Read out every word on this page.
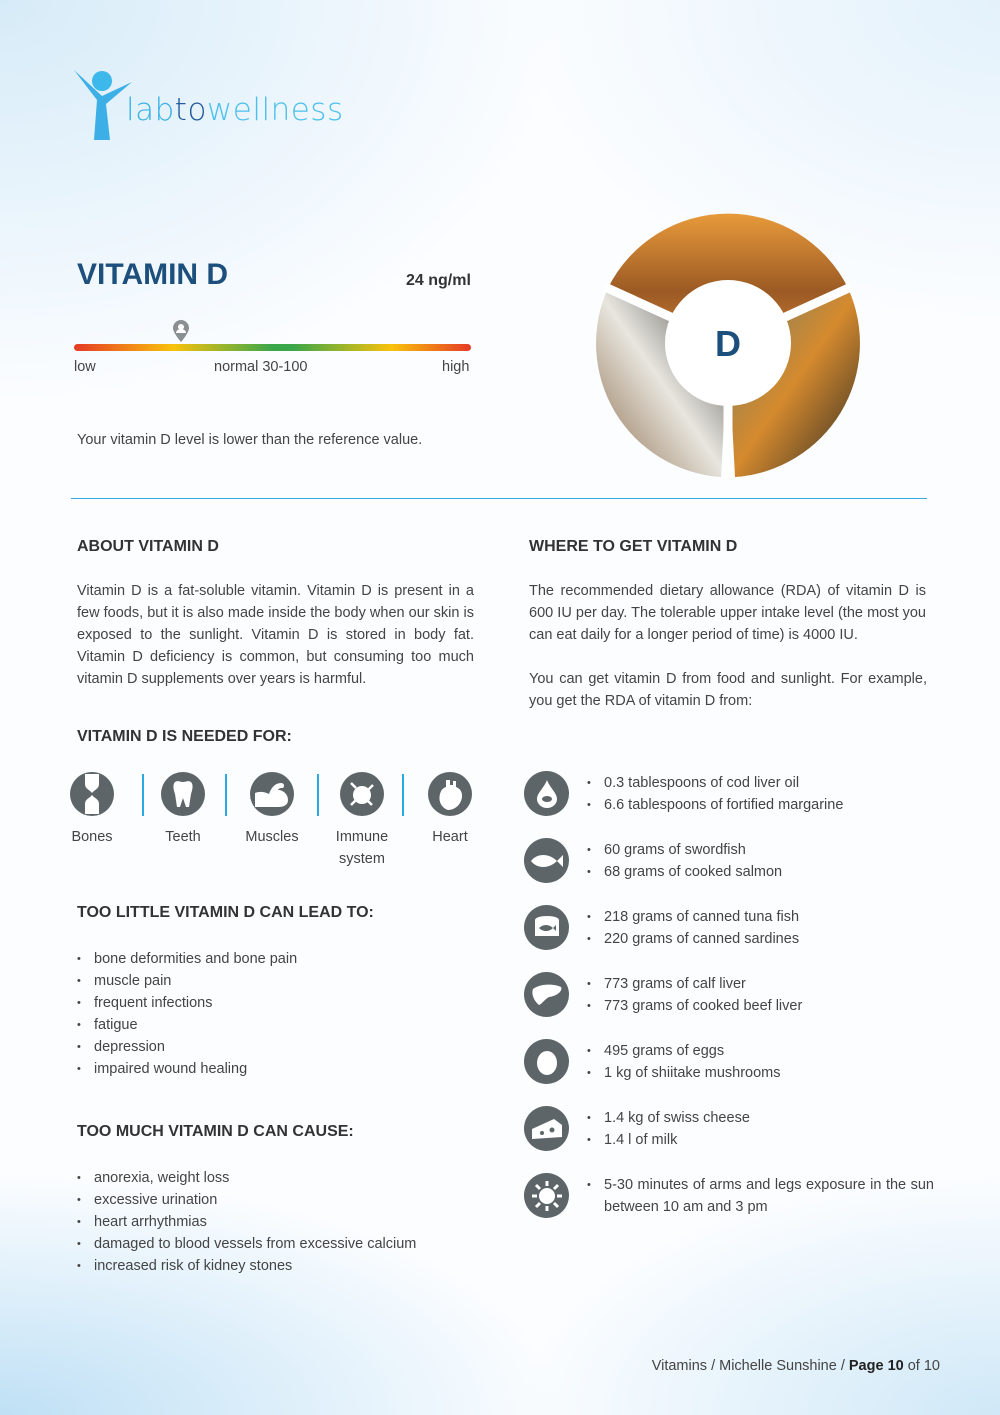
labtowellness
VITAMIN D	24 ng/ml
low	normal 30-100	high

Your vitamin D level is lower than the reference value.

D
ABOUT VITAMIN D

Vitamin D is a fat-soluble vitamin. Vitamin D is present in a few foods, but it is also made inside the body when our skin is exposed to the sunlight. Vitamin D is stored in body fat. Vitamin D deficiency is common, but consuming too much vitamin D supplements over years is harmful.

VITAMIN D IS NEEDED FOR:
Bones	Teeth	Muscles	Immune system
Heart
TOO LITTLE VITAMIN D CAN LEAD TO:
• bone deformities and bone pain
• muscle pain
• frequent infections
• fatigue
• depression
• impaired wound healing
TOO MUCH VITAMIN D CAN CAUSE:
• anorexia, weight loss
• excessive urination
• heart arrhythmias
• damaged to blood vessels from excessive calcium
• increased risk of kidney stones
WHERE TO GET VITAMIN D

The recommended dietary allowance (RDA) of vitamin D is 600 IU per day. The tolerable upper intake level (the most you can eat daily for a longer period of time) is 4000 IU.

You can get vitamin D from food and sunlight. For example, you get the RDA of vitamin D from:

• 0.3 tablespoons of cod liver oil
• 6.6 tablespoons of fortified margarine
• 60 grams of swordfish
• 68 grams of cooked salmon
• 218 grams of canned tuna fish
• 220 grams of canned sardines
• 773 grams of calf liver
• 773 grams of cooked beef liver
• 495 grams of eggs
• 1 kg of shiitake mushrooms
• 1.4 kg of swiss cheese
• 1.4 l of milk
• 5-30 minutes of arms and legs exposure in the sun between 10 am and 3 pm
Vitamins / Michelle Sunshine / Page 10 of 10
